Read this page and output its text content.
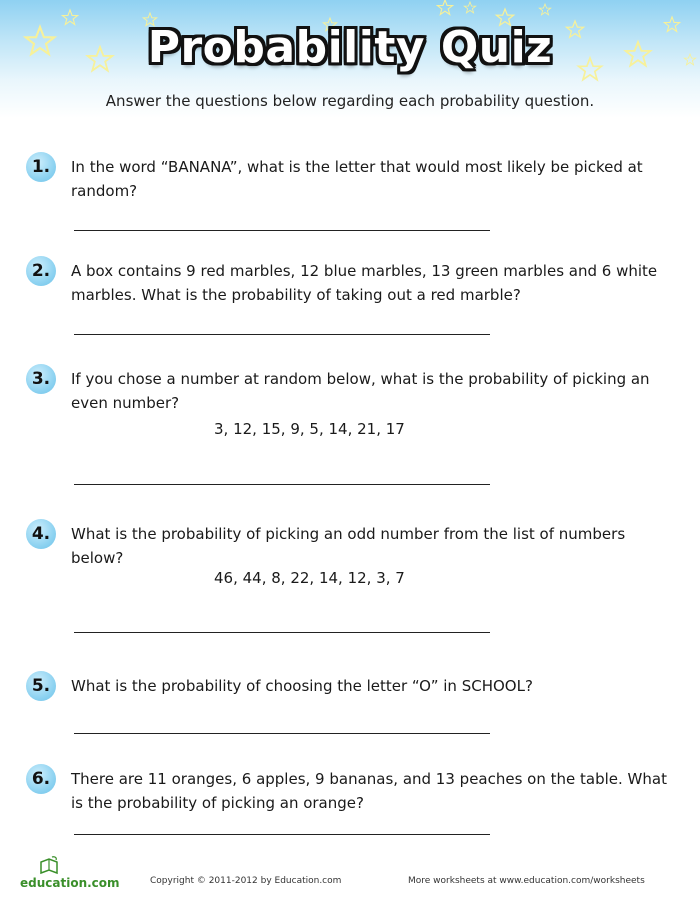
Probability Quiz
Answer the questions below regarding each probability question.
1.	In the word “BANANA”, what is the letter that would most likely be picked at random?
2.	A box contains 9 red marbles, 12 blue marbles, 13 green marbles and 6 white marbles. What is the probability of taking out a red marble?
3.	If you chose a number at random below, what is the probability of picking an even number?
3, 12, 15, 9, 5, 14, 21, 17
4.	What is the probability of picking an odd number from the list of numbers below?
46, 44, 8, 22, 14, 12, 3, 7
5.	What is the probability of choosing the letter “O” in SCHOOL?
6.	There are 11 oranges, 6 apples, 9 bananas, and 13 peaches on the table. What is the probability of picking an orange?
education.com	Copyright © 2011-2012 by Education.com	More worksheets at www.education.com/worksheets
